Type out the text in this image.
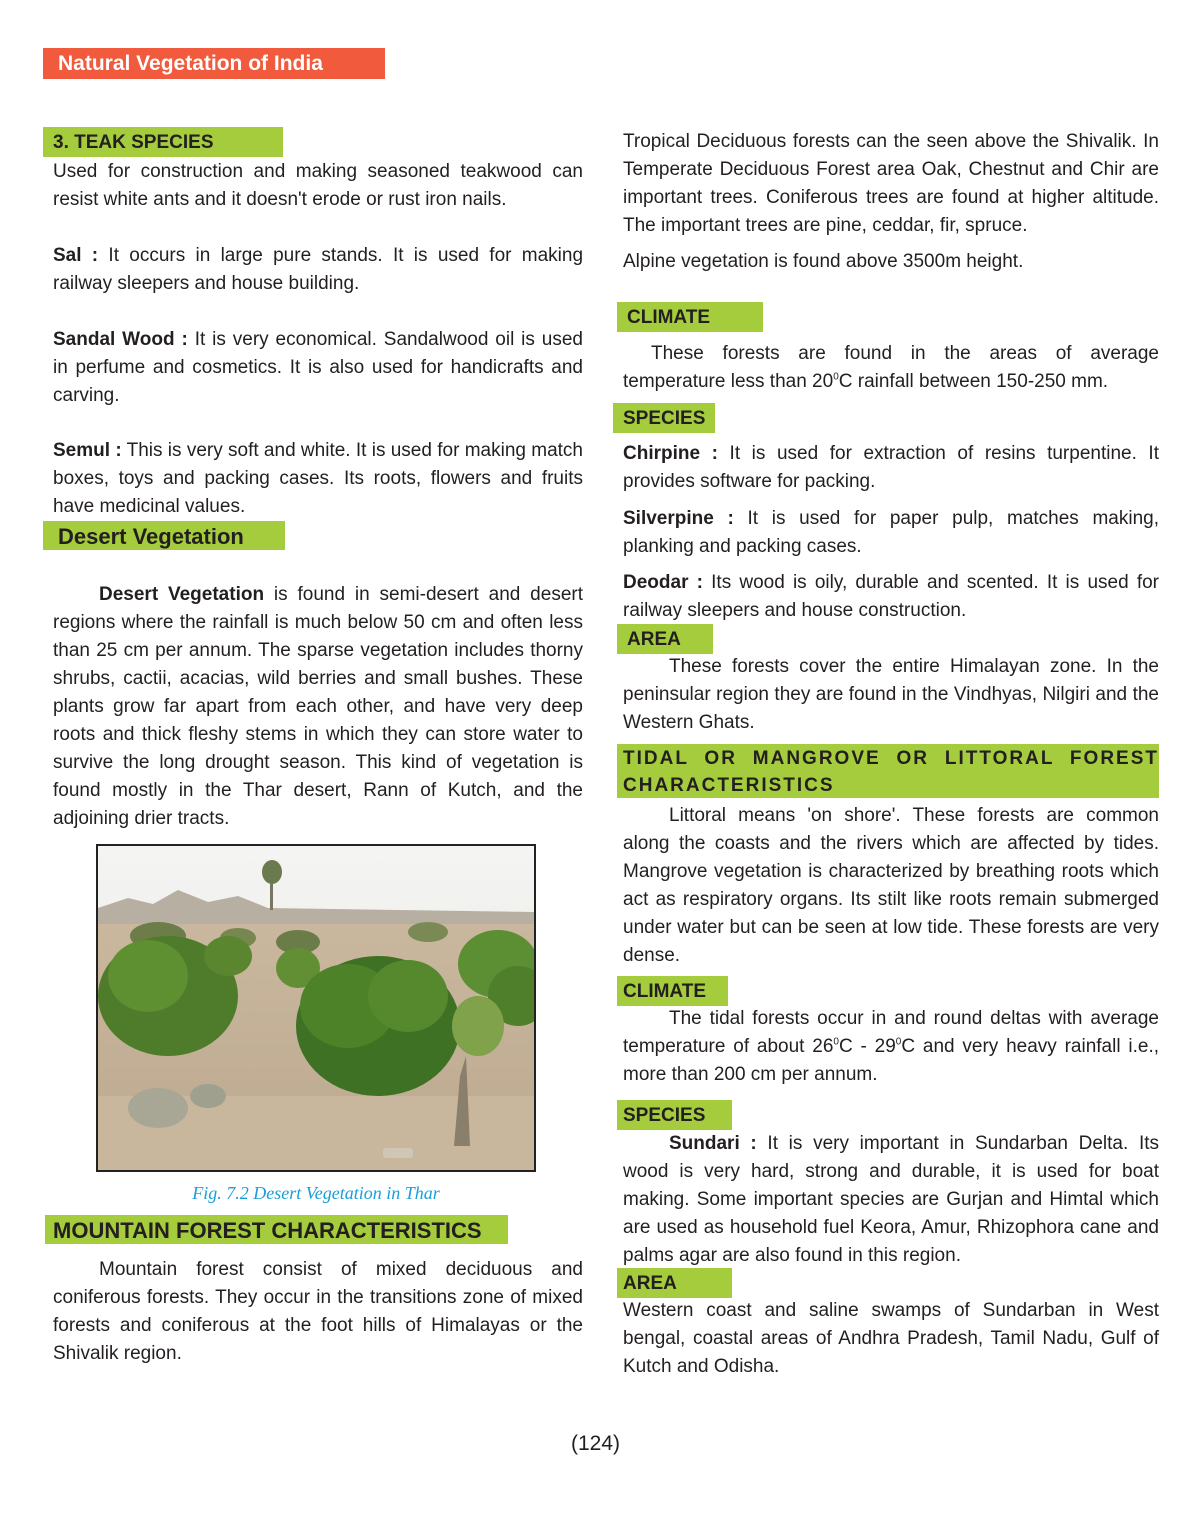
Natural Vegetation of India
3. TEAK SPECIES

Used for construction and making seasoned teakwood can resist white ants and it doesn't erode or rust iron nails.

Sal : It occurs in large pure stands. It is used for making railway sleepers and house building.

Sandal Wood : It is very economical. Sandalwood oil is used in perfume and cosmetics. It is also used for handicrafts and carving.

Semul : This is very soft and white. It is used for making match boxes, toys and packing cases. Its roots, flowers and fruits have medicinal values.

Desert Vegetation

Desert Vegetation is found in semi-desert and desert regions where the rainfall is much below 50 cm and often less than 25 cm per annum. The sparse vegetation includes thorny shrubs, cactii, acacias, wild berries and small bushes. These plants grow far apart from each other, and have very deep roots and thick fleshy stems in which they can store water to survive the long drought season. This kind of vegetation is found mostly in the Thar desert, Rann of Kutch, and the adjoining drier tracts.

Fig. 7.2 Desert Vegetation in Thar
MOUNTAIN FOREST CHARACTERISTICS

Mountain forest consist of mixed deciduous and coniferous forests. They occur in the transitions zone of mixed forests and coniferous at the foot hills of Himalayas or the Shivalik region.

Tropical Deciduous forests can the seen above the Shivalik. In Temperate Deciduous Forest area Oak, Chestnut and Chir are important trees. Coniferous trees are found at higher altitude. The important trees are pine, ceddar, fir, spruce.

Alpine vegetation is found above 3500m height.

CLIMATE

These forests are found in the areas of average temperature less than $20^0C$ rainfall between 150-250 mm.

SPECIES

Chirpine : It is used for extraction of resins turpentine. It provides software for packing.

Silverpine : It is used for paper pulp, matches making, planking and packing cases.

Deodar : Its wood is oily, durable and scented. It is used for railway sleepers and house construction.

AREA

These forests cover the entire Himalayan zone. In the peninsular region they are found in the Vindhyas, Nilgiri and the Western Ghats.

TIDAL OR MANGROVE OR LITTORAL FOREST CHARACTERISTICS

Littoral means 'on shore'. These forests are common along the coasts and the rivers which are affected by tides. Mangrove vegetation is characterized by breathing roots which act as respiratory organs. Its stilt like roots remain submerged under water but can be seen at low tide. These forests are very dense.

CLIMATE

The tidal forests occur in and round deltas with average temperature of about $26^0C - 29^0C$ and very heavy rainfall i.e., more than 200 cm per annum.

SPECIES

Sundari : It is very important in Sundarban Delta. Its wood is very hard, strong and durable, it is used for boat making. Some important species are Gurjan and Himtal which are used as household fuel Keora, Amur, Rhizophora cane and palms agar are also found in this region.

AREA

Western coast and saline swamps of Sundarban in West bengal, coastal areas of Andhra Pradesh, Tamil Nadu, Gulf of Kutch and Odisha.

(124)
